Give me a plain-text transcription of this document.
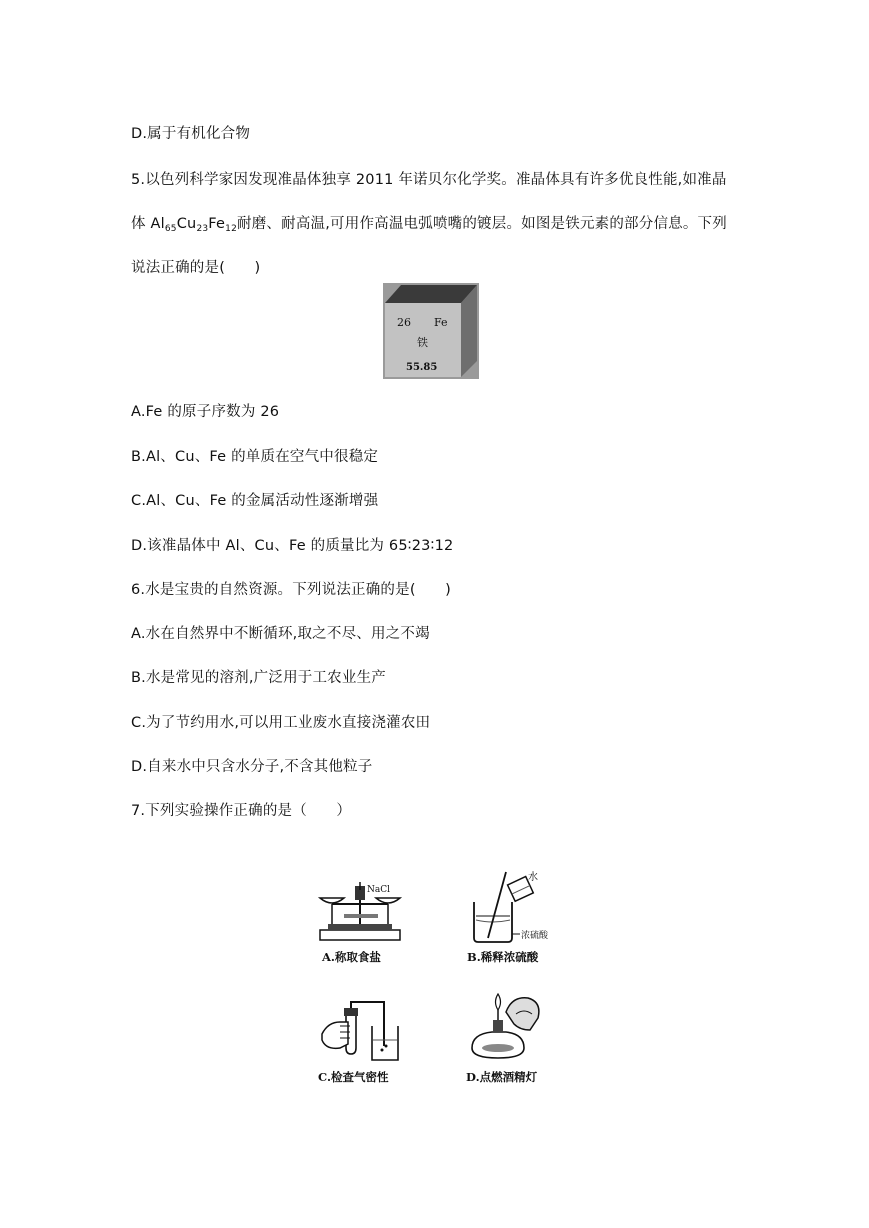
D.属于有机化合物
5.以色列科学家因发现准晶体独享 2011 年诺贝尔化学奖。准晶体具有许多优良性能,如准晶
体 $Al_{65}Cu_{23}Fe_{12}$耐磨、耐高温,可用作高温电弧喷嘴的镀层。如图是铁元素的部分信息。下列
说法正确的是(　　)
26 Fe
铁
55.85
A.Fe 的原子序数为 26
B.Al、Cu、Fe 的单质在空气中很稳定
C.Al、Cu、Fe 的金属活动性逐渐增强
D.该准晶体中 Al、Cu、Fe 的质量比为 65∶23∶12
6.水是宝贵的自然资源。下列说法正确的是(　　)
A.水在自然界中不断循环,取之不尽、用之不竭
B.水是常见的溶剂,广泛用于工农业生产
C.为了节约用水,可以用工业废水直接浇灌农田
D.自来水中只含水分子,不含其他粒子
7.下列实验操作正确的是（　　）
NaCl
A.称取食盐
水
浓硫酸
B.稀释浓硫酸
C.检查气密性	D.点燃酒精灯
